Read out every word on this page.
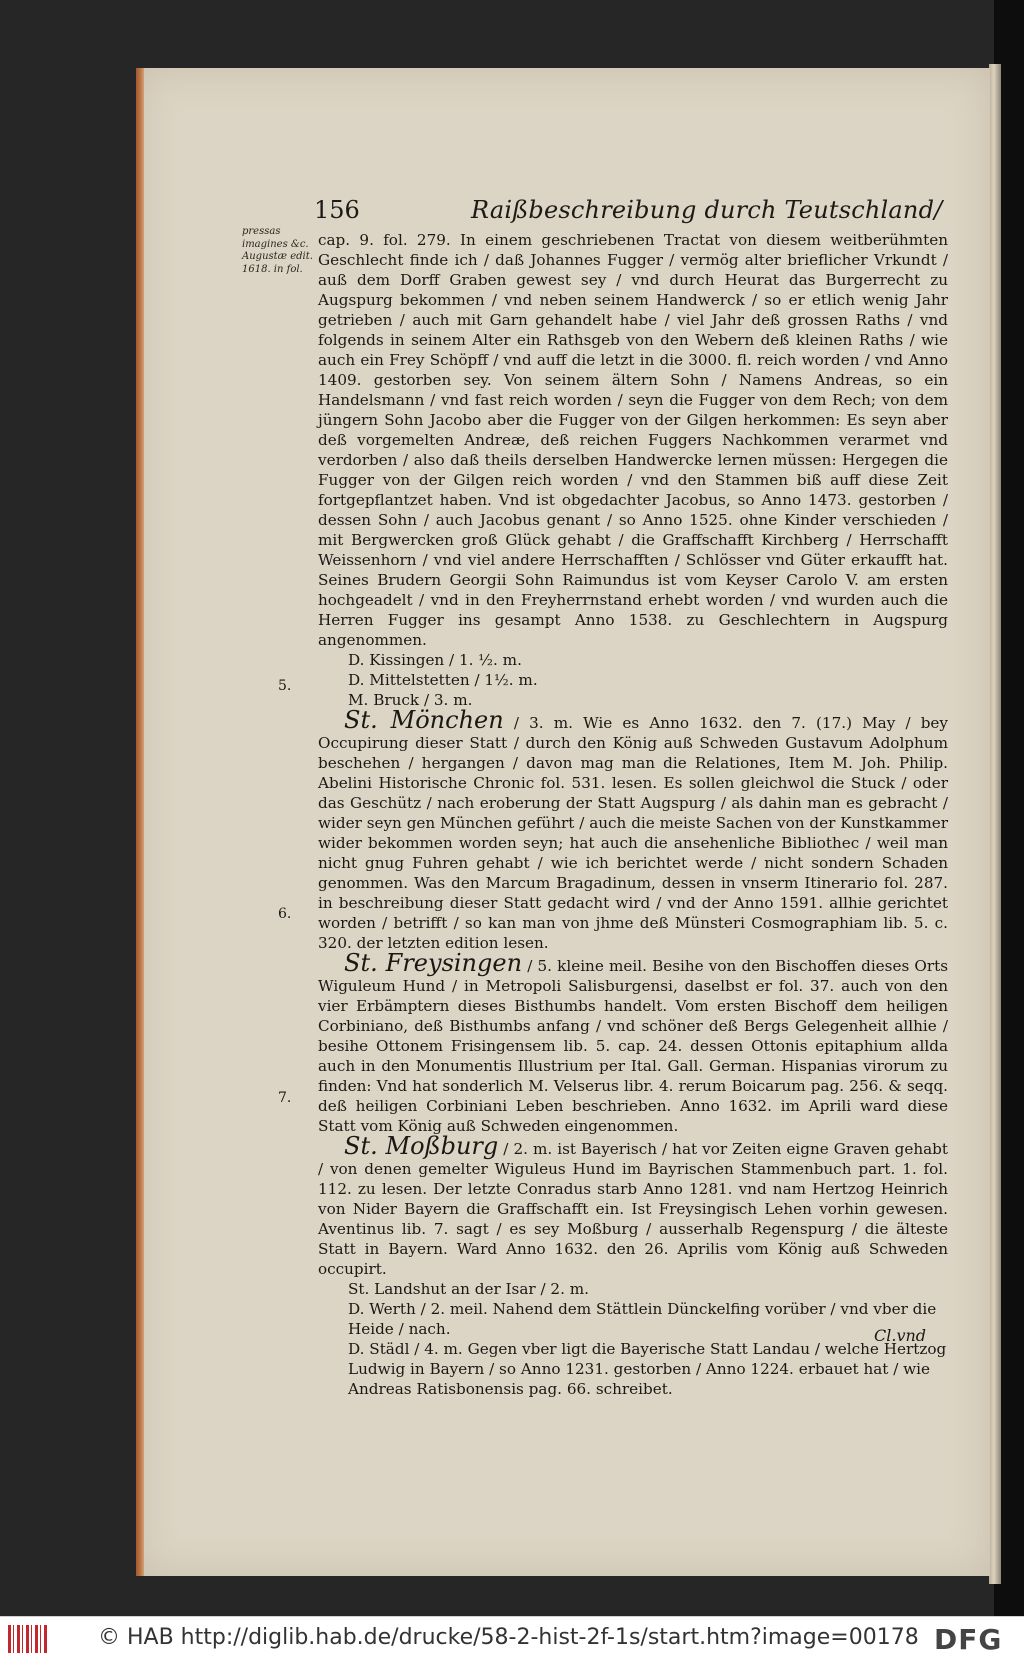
156	Raißbeschreibung durch Teutschland/
pressas imagines &c. Augustæ edit. 1618. in fol.

cap. 9. fol. 279. In einem geschriebenen Tractat von diesem weitberühmten Geschlecht finde ich / daß Johannes Fugger / vermög alter brieflicher Vrkundt / auß dem Dorff Graben gewest sey / vnd durch Heurat das Burgerrecht zu Augspurg bekommen / vnd neben seinem Handwerck / so er etlich wenig Jahr getrieben / auch mit Garn gehandelt habe / viel Jahr deß grossen Raths / vnd folgends in seinem Alter ein Rathsgeb von den Webern deß kleinen Raths / wie auch ein Frey Schöpff / vnd auff die letzt in die 3000. fl. reich worden / vnd Anno 1409. gestorben sey. Von seinem ältern Sohn / Namens Andreas, so ein Handelsmann / vnd fast reich worden / seyn die Fugger von dem Rech; von dem jüngern Sohn Jacobo aber die Fugger von der Gilgen herkommen: Es seyn aber deß vorgemelten Andreæ, deß reichen Fuggers Nachkommen verarmet vnd verdorben / also daß theils derselben Handwercke lernen müssen: Hergegen die Fugger von der Gilgen reich worden / vnd den Stammen biß auff diese Zeit fortgepflantzet haben. Vnd ist obgedachter Jacobus, so Anno 1473. gestorben / dessen Sohn / auch Jacobus genant / so Anno 1525. ohne Kinder verschieden / mit Bergwercken groß Glück gehabt / die Graffschafft Kirchberg / Herrschafft Weissenhorn / vnd viel andere Herrschafften / Schlösser vnd Güter erkaufft hat. Seines Brudern Georgii Sohn Raimundus ist vom Keyser Carolo V. am ersten hochgeadelt / vnd in den Freyherrnstand erhebt worden / vnd wurden auch die Herren Fugger ins gesampt Anno 1538. zu Geschlechtern in Augspurg angenommen.

D. Kissingen / 1. ½. m.

D. Mittelstetten / 1½. m.

M. Bruck / 3. m.

St. Mönchen / 3. m. Wie es Anno 1632. den 7. (17.) May / bey Occupirung dieser Statt / durch den König auß Schweden Gustavum Adolphum beschehen / hergangen / davon mag man die Relationes, Item M. Joh. Philip. Abelini Historische Chronic fol. 531. lesen. Es sollen gleichwol die Stuck / oder das Geschütz / nach eroberung der Statt Augspurg / als dahin man es gebracht / wider seyn gen München geführt / auch die meiste Sachen von der Kunstkammer wider bekommen worden seyn; hat auch die ansehenliche Bibliothec / weil man nicht gnug Fuhren gehabt / wie ich berichtet werde / nicht sondern Schaden genommen. Was den Marcum Bragadinum, dessen in vnserm Itinerario fol. 287. in beschreibung dieser Statt gedacht wird / vnd der Anno 1591. allhie gerichtet worden / betrifft / so kan man von jhme deß Münsteri Cosmographiam lib. 5. c. 320. der letzten edition lesen.

St. Freysingen / 5. kleine meil. Besihe von den Bischoffen dieses Orts Wiguleum Hund / in Metropoli Salisburgensi, daselbst er fol. 37. auch von den vier Erbämptern dieses Bisthumbs handelt. Vom ersten Bischoff dem heiligen Corbiniano, deß Bisthumbs anfang / vnd schöner deß Bergs Gelegenheit allhie / besihe Ottonem Frisingensem lib. 5. cap. 24. dessen Ottonis epitaphium allda auch in den Monumentis Illustrium per Ital. Gall. German. Hispanias virorum zu finden: Vnd hat sonderlich M. Velserus libr. 4. rerum Boicarum pag. 256. & seqq. deß heiligen Corbiniani Leben beschrieben. Anno 1632. im Aprili ward diese Statt vom König auß Schweden eingenommen.

St. Moßburg / 2. m. ist Bayerisch / hat vor Zeiten eigne Graven gehabt / von denen gemelter Wiguleus Hund im Bayrischen Stammenbuch part. 1. fol. 112. zu lesen. Der letzte Conradus starb Anno 1281. vnd nam Hertzog Heinrich von Nider Bayern die Graffschafft ein. Ist Freysingisch Lehen vorhin gewesen. Aventinus lib. 7. sagt / es sey Moßburg / ausserhalb Regenspurg / die älteste Statt in Bayern. Ward Anno 1632. den 26. Aprilis vom König auß Schweden occupirt.

St. Landshut an der Isar / 2. m.

D. Werth / 2. meil. Nahend dem Stättlein Dünckelfing vorüber / vnd vber die Heide / nach.

D. Städl / 4. m. Gegen vber ligt die Bayerische Statt Landau / welche Hertzog Ludwig in Bayern / so Anno 1231. gestorben / Anno 1224. erbauet hat / wie Andreas Ratisbonensis pag. 66. schreibet.

5.
6.
7.
Cl.vnd
© HAB http://diglib.hab.de/drucke/58-2-hist-2f-1s/start.htm?image=00178 DFG
